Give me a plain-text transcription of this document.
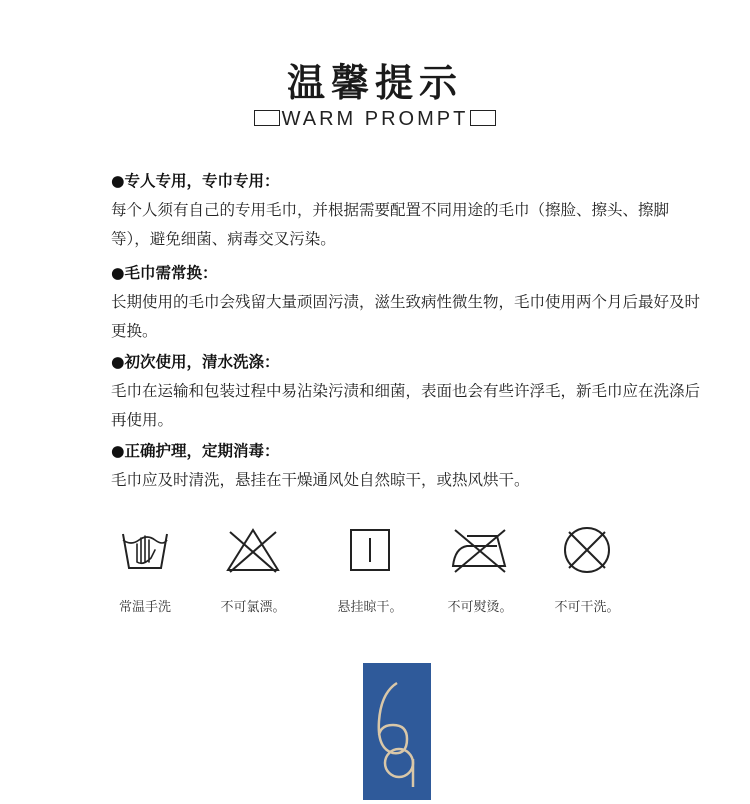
温馨提示
WARM PROMPT
●专人专用，专巾专用：
每个人须有自己的专用毛巾，并根据需要配置不同用途的毛巾（擦脸、擦头、擦脚等），避免细菌、病毒交叉污染。
●毛巾需常换：
长期使用的毛巾会残留大量顽固污渍，滋生致病性微生物，毛巾使用两个月后最好及时更换。
●初次使用，清水洗涤：
毛巾在运输和包装过程中易沾染污渍和细菌，表面也会有些许浮毛，新毛巾应在洗涤后再使用。
●正确护理，定期消毒：
毛巾应及时清洗，悬挂在干燥通风处自然晾干，或热风烘干。
常温手洗	不可氯漂。	悬挂晾干。	不可熨烫。	不可干洗。
